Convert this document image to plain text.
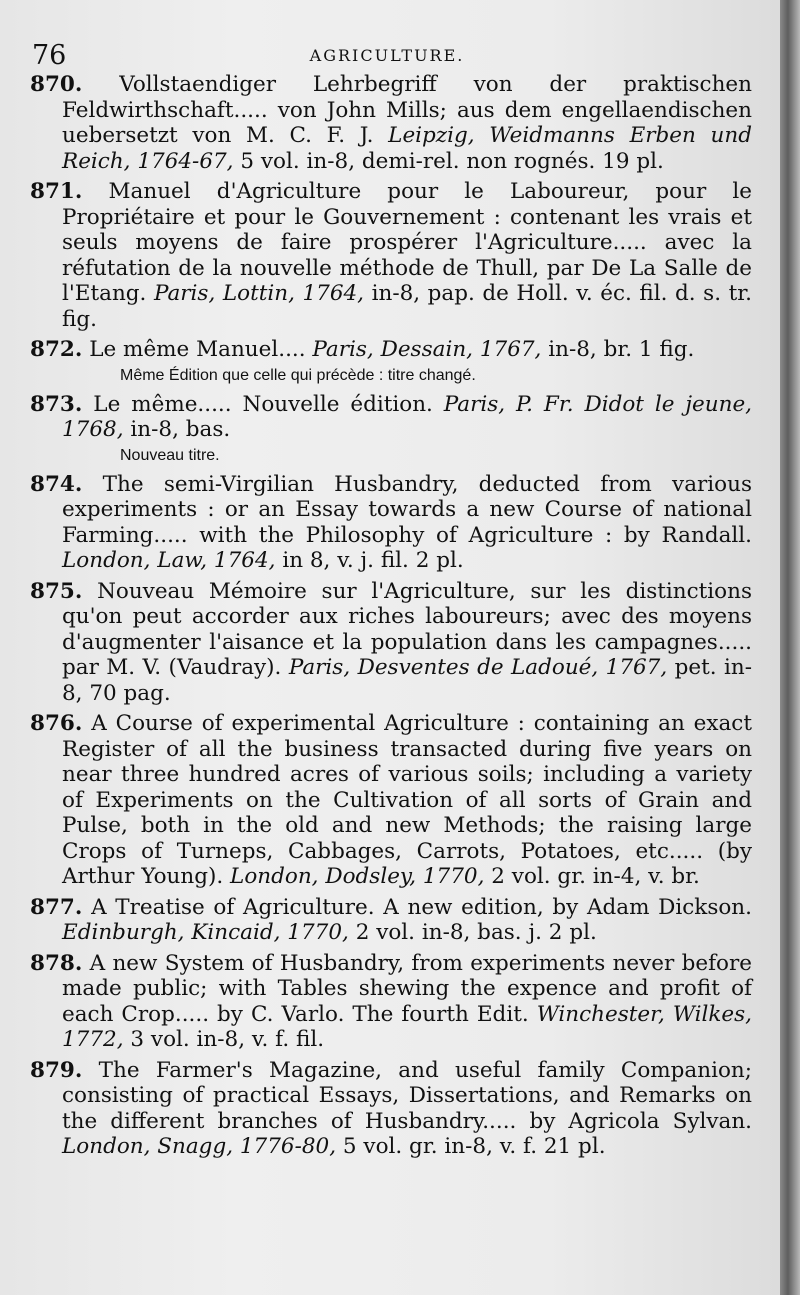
76	AGRICULTURE.
870. Vollstaendiger Lehrbegriff von der praktischen Feldwirthschaft..... von John Mills; aus dem engellaendischen uebersetzt von M. C. F. J. Leipzig, Weidmanns Erben und Reich, 1764-67, 5 vol. in-8, demi-rel. non rognés. 19 pl.
871. Manuel d'Agriculture pour le Laboureur, pour le Propriétaire et pour le Gouvernement : contenant les vrais et seuls moyens de faire prospérer l'Agriculture..... avec la réfutation de la nouvelle méthode de Thull, par De La Salle de l'Etang. Paris, Lottin, 1764, in-8, pap. de Holl. v. éc. fil. d. s. tr. fig.
872. Le même Manuel.... Paris, Dessain, 1767, in-8, br. 1 fig.
Même Édition que celle qui précède : titre changé.
873. Le même..... Nouvelle édition. Paris, P. Fr. Didot le jeune, 1768, in-8, bas.
Nouveau titre.
874. The semi-Virgilian Husbandry, deducted from various experiments : or an Essay towards a new Course of national Farming..... with the Philosophy of Agriculture : by Randall. London, Law, 1764, in 8, v. j. fil. 2 pl.
875. Nouveau Mémoire sur l'Agriculture, sur les distinctions qu'on peut accorder aux riches laboureurs; avec des moyens d'augmenter l'aisance et la population dans les campagnes..... par M. V. (Vaudray). Paris, Desventes de Ladoué, 1767, pet. in-8, 70 pag.
876. A Course of experimental Agriculture : containing an exact Register of all the business transacted during five years on near three hundred acres of various soils; including a variety of Experiments on the Cultivation of all sorts of Grain and Pulse, both in the old and new Methods; the raising large Crops of Turneps, Cabbages, Carrots, Potatoes, etc..... (by Arthur Young). London, Dodsley, 1770, 2 vol. gr. in-4, v. br.
877. A Treatise of Agriculture. A new edition, by Adam Dickson. Edinburgh, Kincaid, 1770, 2 vol. in-8, bas. j. 2 pl.
878. A new System of Husbandry, from experiments never before made public; with Tables shewing the expence and profit of each Crop..... by C. Varlo. The fourth Edit. Winchester, Wilkes, 1772, 3 vol. in-8, v. f. fil.
879. The Farmer's Magazine, and useful family Companion; consisting of practical Essays, Dissertations, and Remarks on the different branches of Husbandry..... by Agricola Sylvan. London, Snagg, 1776-80, 5 vol. gr. in-8, v. f. 21 pl.
